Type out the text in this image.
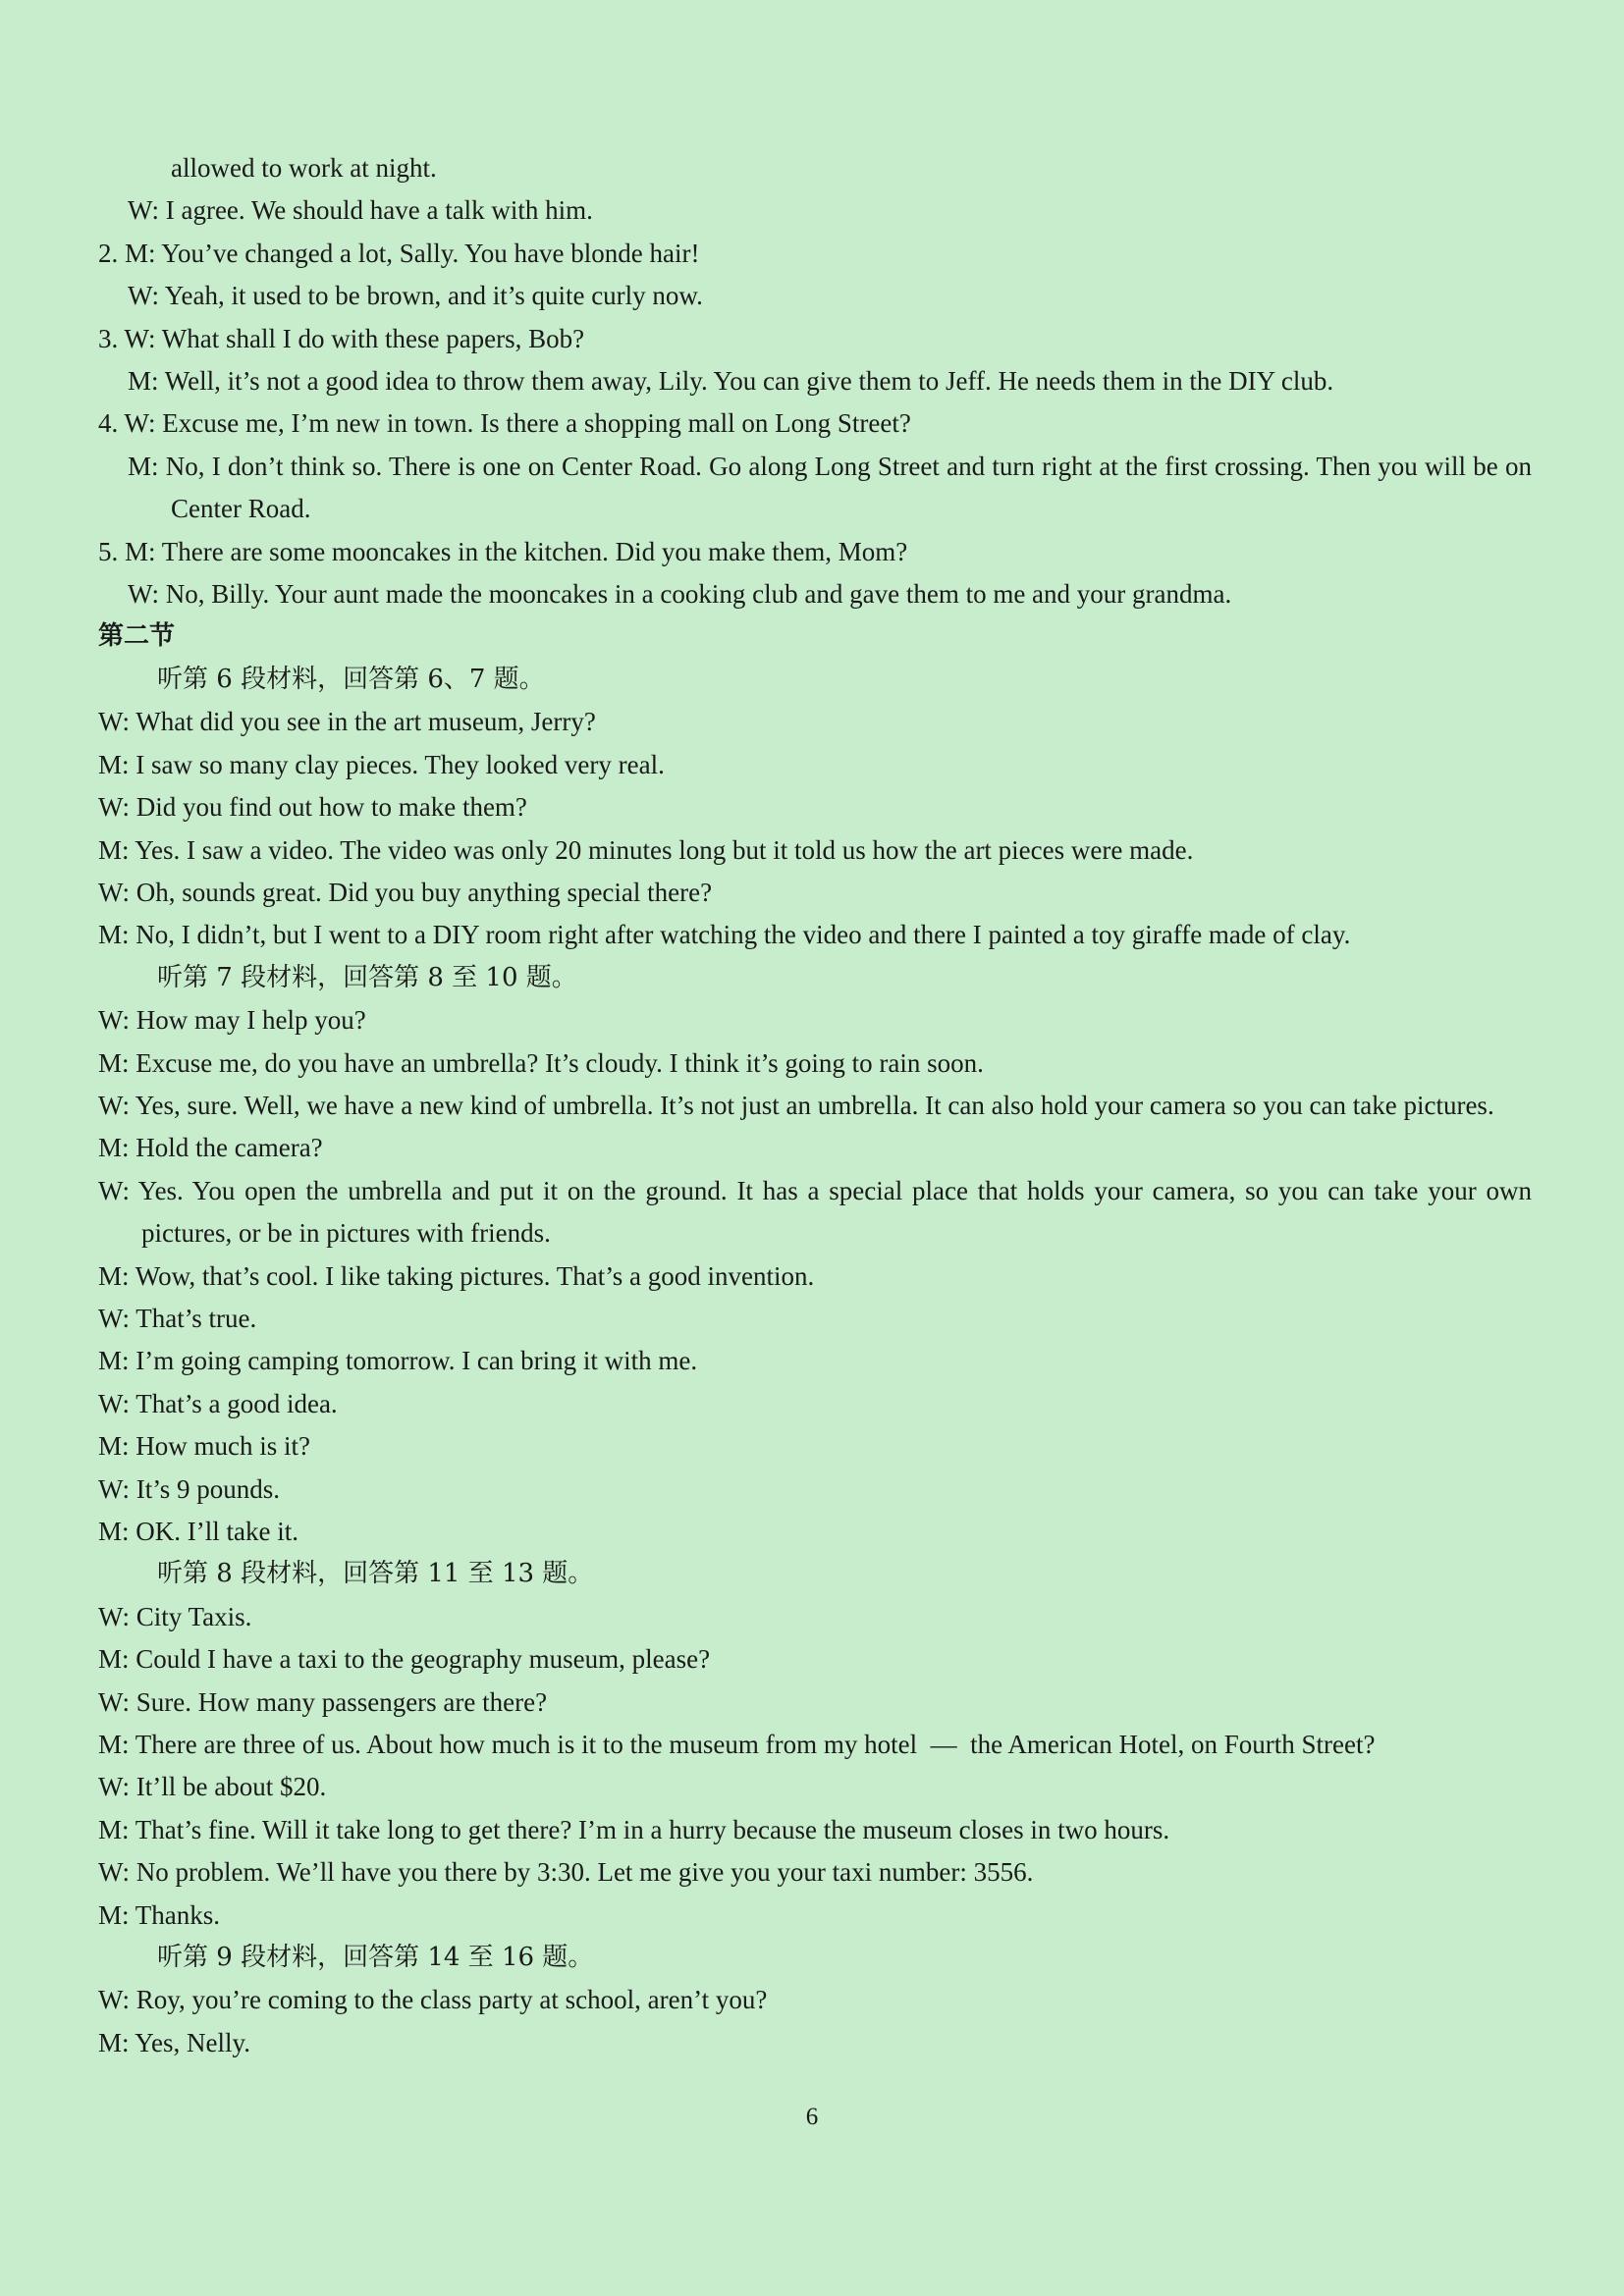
allowed to work at night.

W: I agree. We should have a talk with him.

2. M: You’ve changed a lot, Sally. You have blonde hair!

W: Yeah, it used to be brown, and it’s quite curly now.

3. W: What shall I do with these papers, Bob?

M: Well, it’s not a good idea to throw them away, Lily. You can give them to Jeff. He needs them in the DIY club.

4. W: Excuse me, I’m new in town. Is there a shopping mall on Long Street?

M: No, I don’t think so. There is one on Center Road. Go along Long Street and turn right at the first crossing. Then you will be on Center Road.

5. M: There are some mooncakes in the kitchen. Did you make them, Mom?

W: No, Billy. Your aunt made the mooncakes in a cooking club and gave them to me and your grandma.

第二节

听第 6 段材料，回答第 6、7 题。

W: What did you see in the art museum, Jerry?

M: I saw so many clay pieces. They looked very real.

W: Did you find out how to make them?

M: Yes. I saw a video. The video was only 20 minutes long but it told us how the art pieces were made.

W: Oh, sounds great. Did you buy anything special there?

M: No, I didn’t, but I went to a DIY room right after watching the video and there I painted a toy giraffe made of clay.

听第 7 段材料，回答第 8 至 10 题。

W: How may I help you?

M: Excuse me, do you have an umbrella? It’s cloudy. I think it’s going to rain soon.

W: Yes, sure. Well, we have a new kind of umbrella. It’s not just an umbrella. It can also hold your camera so you can take pictures.

M: Hold the camera?

W: Yes. You open the umbrella and put it on the ground. It has a special place that holds your camera, so you can take your own pictures, or be in pictures with friends.

M: Wow, that’s cool. I like taking pictures. That’s a good invention.

W: That’s true.

M: I’m going camping tomorrow. I can bring it with me.

W: That’s a good idea.

M: How much is it?

W: It’s 9 pounds.

M: OK. I’ll take it.

听第 8 段材料，回答第 11 至 13 题。

W: City Taxis.

M: Could I have a taxi to the geography museum, please?

W: Sure. How many passengers are there?

M: There are three of us. About how much is it to the museum from my hotel  —  the American Hotel, on Fourth Street?

W: It’ll be about $20.

M: That’s fine. Will it take long to get there? I’m in a hurry because the museum closes in two hours.

W: No problem. We’ll have you there by 3:30. Let me give you your taxi number: 3556.

M: Thanks.

听第 9 段材料，回答第 14 至 16 题。

W: Roy, you’re coming to the class party at school, aren’t you?

M: Yes, Nelly.

6
